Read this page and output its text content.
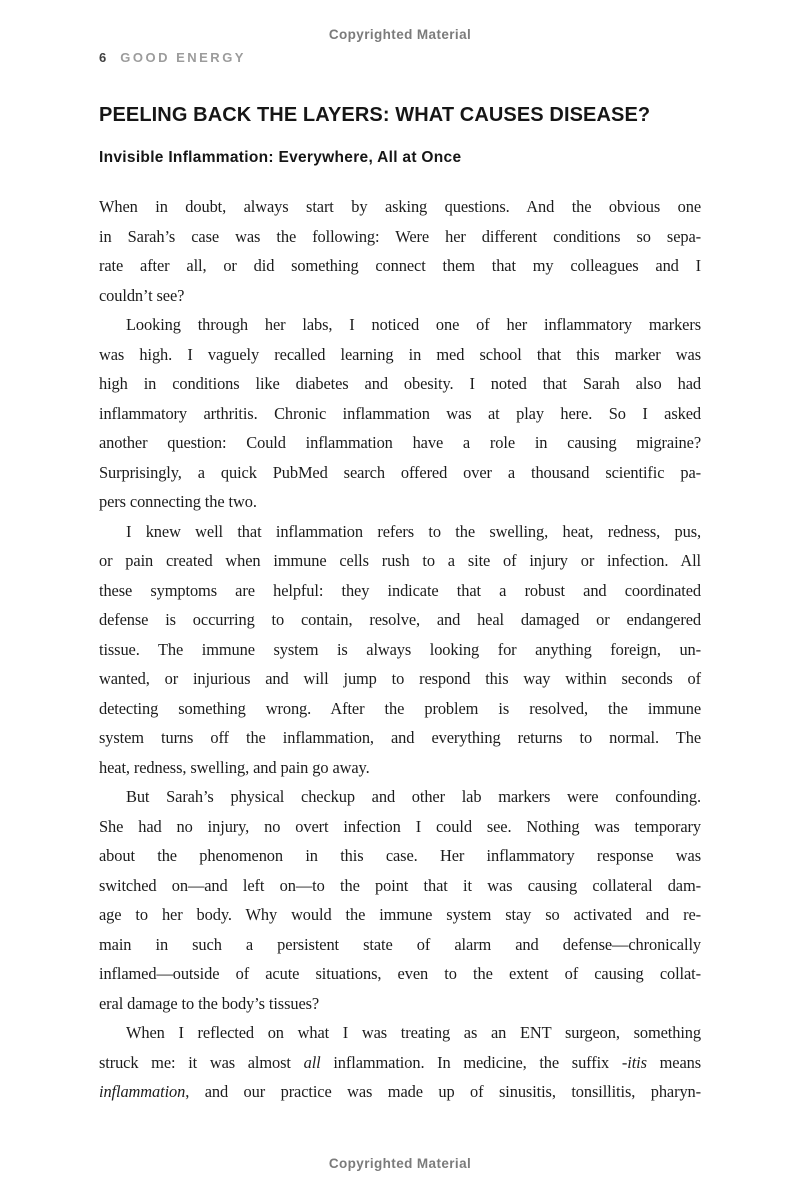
Copyrighted Material
6 GOOD ENERGY
PEELING BACK THE LAYERS: WHAT CAUSES DISEASE?
Invisible Inflammation: Everywhere, All at Once
When in doubt, always start by asking questions. And the obvious one
in Sarah’s case was the following: Were her different conditions so sepa-
rate after all, or did something connect them that my colleagues and I
couldn’t see?
Looking through her labs, I noticed one of her inflammatory markers
was high. I vaguely recalled learning in med school that this marker was
high in conditions like diabetes and obesity. I noted that Sarah also had
inflammatory arthritis. Chronic inflammation was at play here. So I asked
another question: Could inflammation have a role in causing migraine?
Surprisingly, a quick PubMed search offered over a thousand scientific pa-
pers connecting the two.
I knew well that inflammation refers to the swelling, heat, redness, pus,
or pain created when immune cells rush to a site of injury or infection. All
these symptoms are helpful: they indicate that a robust and coordinated
defense is occurring to contain, resolve, and heal damaged or endangered
tissue. The immune system is always looking for anything foreign, un-
wanted, or injurious and will jump to respond this way within seconds of
detecting something wrong. After the problem is resolved, the immune
system turns off the inflammation, and everything returns to normal. The
heat, redness, swelling, and pain go away.
But Sarah’s physical checkup and other lab markers were confounding.
She had no injury, no overt infection I could see. Nothing was temporary
about the phenomenon in this case. Her inflammatory response was
switched on—and left on—to the point that it was causing collateral dam-
age to her body. Why would the immune system stay so activated and re-
main in such a persistent state of alarm and defense—chronically
inflamed—outside of acute situations, even to the extent of causing collat-
eral damage to the body’s tissues?
When I reflected on what I was treating as an ENT surgeon, something
struck me: it was almost all inflammation. In medicine, the suffix -itis means
inflammation, and our practice was made up of sinusitis, tonsillitis, pharyn-
Copyrighted Material
